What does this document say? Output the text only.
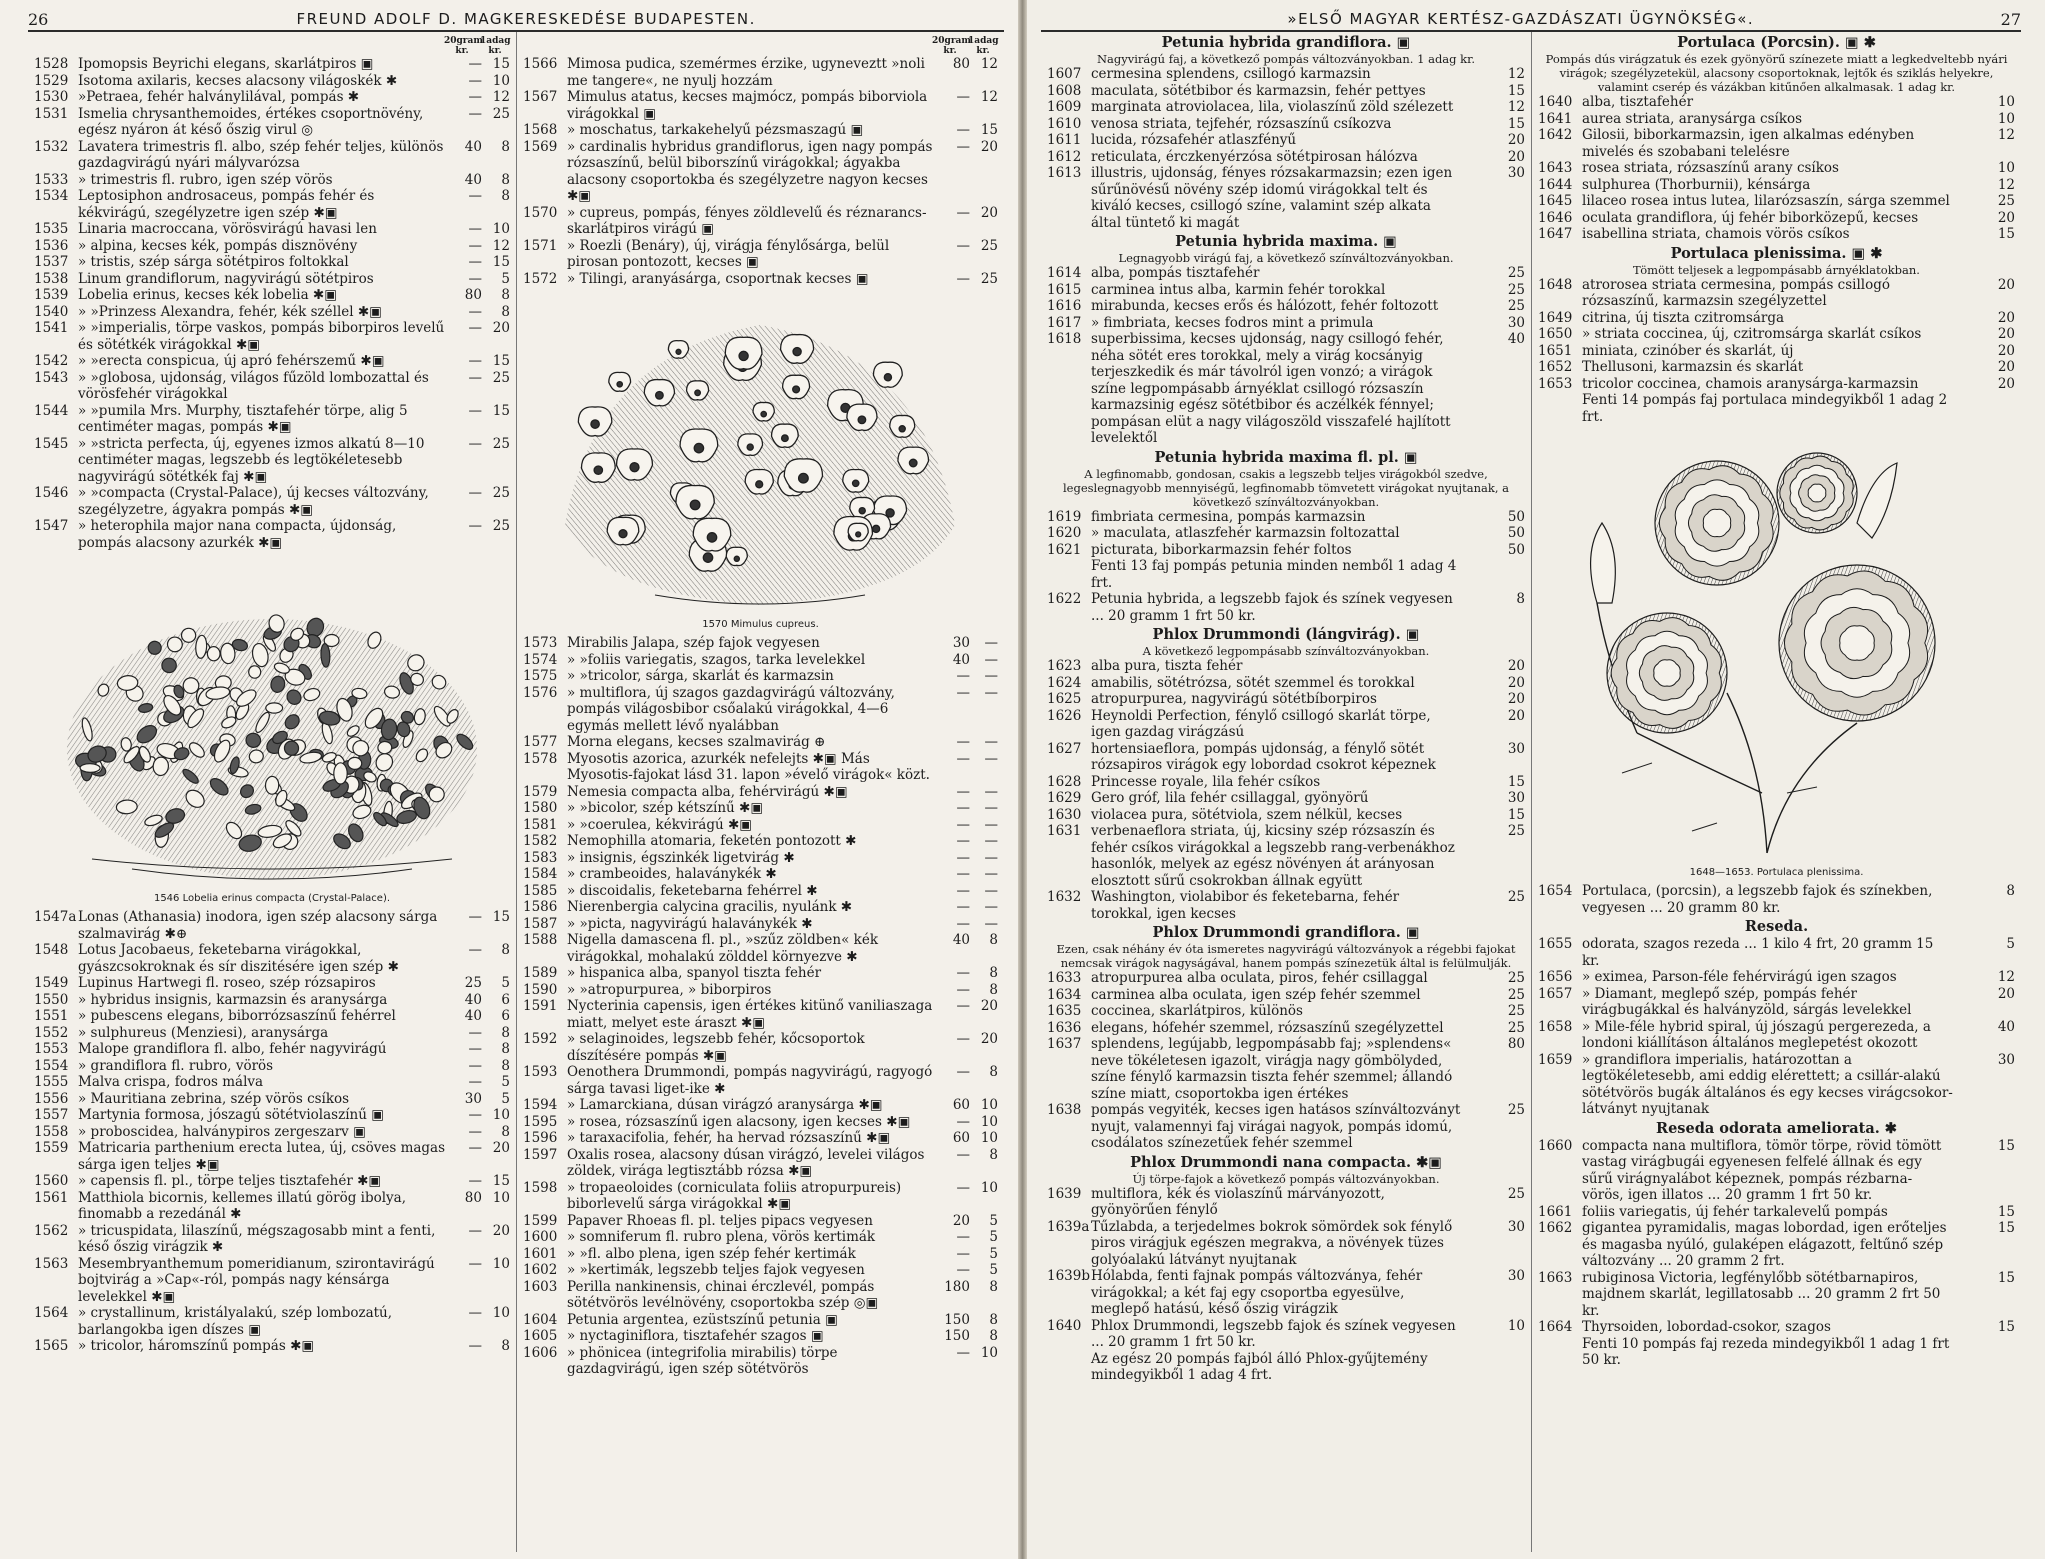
26	FREUND ADOLF D. MAGKERESKEDÉSE BUDAPESTEN.
20gram kr.
1adag kr.
1528 Ipomopsis Beyrichi elegans, skarlátpiros ▣	— 15
1529 Isotoma axilaris, kecses alacsony világoskék ✱	— 10
1530 »Petraea, fehér halványlilával, pompás ✱	— 12
1531 Ismelia chrysanthemoides, értékes csoportnövény, egész nyáron át késő őszig virul ◎
— 25
1532 Lavatera trimestris fl. albo, szép fehér teljes, különös gazdagvirágú nyári mályvarózsa
40	8
1533 » trimestris fl. rubro, igen szép vörös	40	8
1534 Leptosiphon androsaceus, pompás fehér és kékvirágú, szegélyzetre igen szép ✱▣
—	8
1535 Linaria macroccana, vörösvirágú havasi len	— 10
1536 » alpina, kecses kék, pompás disznövény	— 12
1537 » tristis, szép sárga sötétpiros foltokkal	— 15
1538 Linum grandiflorum, nagyvirágú sötétpiros	—	5
1539 Lobelia erinus, kecses kék lobelia ✱▣	80	8
1540 » »Prinzess Alexandra, fehér, kék széllel ✱▣	—	8
1541 » »imperialis, törpe vaskos, pompás biborpiros levelű és sötétkék virágokkal ✱▣
— 20
1542 » »erecta conspicua, új apró fehérszemű ✱▣	— 15
1543 » »globosa, ujdonság, világos fűzöld lombozattal és vörösfehér virágokkal
— 25
1544 » »pumila Mrs. Murphy, tisztafehér törpe, alig 5 centiméter magas, pompás ✱▣
— 15
1545 » »stricta perfecta, új, egyenes izmos alkatú 8—10 centiméter magas, legszebb és legtökéletesebb nagyvirágú sötétkék faj ✱▣
— 25
1546 » »compacta (Crystal-Palace), új kecses változvány, szegélyzetre, ágyakra pompás ✱▣
— 25
1547 » heterophila major nana compacta, újdonság, pompás alacsony azurkék ✱▣
— 25
1546 Lobelia erinus compacta (Crystal-Palace).
1547a Lonas (Athanasia) inodora, igen szép alacsony sárga szalmavirág ✱⊕
— 15
1548 Lotus Jacobaeus, feketebarna virágokkal, gyászcsokroknak és sír diszitésére igen szép ✱
—	8
1549 Lupinus Hartwegi fl. roseo, szép rózsapiros	25	5
1550 » hybridus insignis, karmazsin és aranysárga	40	6
1551 » pubescens elegans, biborrózsaszínű fehérrel	40	6
1552 » sulphureus (Menziesi), aranysárga	—	8
1553 Malope grandiflora fl. albo, fehér nagyvirágú	—	8
1554 » grandiflora fl. rubro, vörös	—	8
1555 Malva crispa, fodros málva	—	5
1556 » Mauritiana zebrina, szép vörös csíkos	30	5
1557 Martynia formosa, jószagú sötétviolaszínű ▣	— 10
1558 » proboscidea, halványpiros zergeszarv ▣	—	8
1559 Matricaria parthenium erecta lutea, új, csöves magas sárga igen teljes ✱▣
— 20
1560 » capensis fl. pl., törpe teljes tisztafehér ✱▣	— 15
1561 Matthiola bicornis, kellemes illatú görög ibolya, finomabb a rezedánál ✱
80 10
1562 » tricuspidata, lilaszínű, mégszagosabb mint a fenti, késő őszig virágzik ✱
— 20
1563 Mesembryanthemum pomeridianum, szirontavirágú bojtvirág a »Cap«-ról, pompás nagy kénsárga levelekkel ✱▣
— 10
1564 » crystallinum, kristályalakú, szép lombozatú, barlangokba igen díszes ▣
— 10
1565 » tricolor, háromszínű pompás ✱▣	—	8
20gram kr.
1adag kr.
1566 Mimosa pudica, szemérmes érzike, ugyneveztt »noli me tangere«, ne nyulj hozzám
80 12
1567 Mimulus atatus, kecses majmócz, pompás biborviola virágokkal ▣
— 12
1568 » moschatus, tarkakehelyű pézsmaszagú ▣	— 15
1569 » cardinalis hybridus grandiflorus, igen nagy pompás rózsaszínű, belül biborszínű virágokkal; ágyakba alacsony csoportokba és szegélyzetre nagyon kecses ✱▣
— 20
1570 » cupreus, pompás, fényes zöldlevelű és réznarancs-skarlátpiros virágú ▣
— 20
1571 » Roezli (Benáry), új, virágja fénylősárga, belül pirosan pontozott, kecses ▣
— 25
1572 » Tilingi, aranyásárga, csoportnak kecses ▣	— 25
1570 Mimulus cupreus.
1573 Mirabilis Jalapa, szép fajok vegyesen	30	—
1574 » »foliis variegatis, szagos, tarka levelekkel	40	—
1575 » »tricolor, sárga, skarlát és karmazsin	—	—
1576 » multiflora, új szagos gazdagvirágú változvány, pompás világosbibor csőalakú virágokkal, 4—6 egymás mellett lévő nyalábban
—	—
1577 Morna elegans, kecses szalmavirág ⊕	—	—
1578 Myosotis azorica, azurkék nefelejts ✱▣ Más Myosotis-fajokat lásd 31. lapon »évelő virágok« közt.
—	—
1579 Nemesia compacta alba, fehérvirágú ✱▣	—	—
1580 » »bicolor, szép kétszínű ✱▣	—	—
1581 » »coerulea, kékvirágú ✱▣	—	—
1582 Nemophilla atomaria, feketén pontozott ✱	—	—
1583 » insignis, égszinkék ligetvirág ✱	—	—
1584 » crambeoides, halaványkék ✱	—	—
1585 » discoidalis, feketebarna fehérrel ✱	—	—
1586 Nierenbergia calycina gracilis, nyulánk ✱	—	—
1587 » »picta, nagyvirágú halaványkék ✱	—	—
1588 Nigella damascena fl. pl., »szűz zöldben« kék virágokkal, mohalakú zölddel környezve ✱
40	8
1589 » hispanica alba, spanyol tiszta fehér	—	8
1590 » »atropurpurea, » biborpiros	—	8
1591 Nycterinia capensis, igen értékes kitünő vaniliaszaga miatt, melyet este áraszt ✱▣
— 20
1592 » selaginoides, legszebb fehér, kőcsoportok díszítésére pompás ✱▣
— 20
1593 Oenothera Drummondi, pompás nagyvirágú, ragyogó sárga tavasi liget-ike ✱
—	8
1594 » Lamarckiana, dúsan virágzó aranysárga ✱▣	60 10
1595 » rosea, rózsaszínű igen alacsony, igen kecses ✱▣	— 10
1596 » taraxacifolia, fehér, ha hervad rózsaszínű ✱▣	60 10
1597 Oxalis rosea, alacsony dúsan virágzó, levelei világos zöldek, virága legtisztább rózsa ✱▣
—	8
1598 » tropaeoloides (corniculata foliis atropurpureis) biborlevelű sárga virágokkal ✱▣
— 10
1599 Papaver Rhoeas fl. pl. teljes pipacs vegyesen	20	5
1600 » somniferum fl. rubro plena, vörös kertimák	—	5
1601 » »fl. albo plena, igen szép fehér kertimák	—	5
1602 » »kertimák, legszebb teljes fajok vegyesen	—	5
1603 Perilla nankinensis, chinai érczlevél, pompás sötétvörös levélnövény, csoportokba szép ◎▣
180	8
1604 Petunia argentea, ezüstszínű petunia ▣	150	8
1605 » nyctaginiflora, tisztafehér szagos ▣	150	8
1606 » phönicea (integrifolia mirabilis) törpe gazdagvirágú, igen szép sötétvörös
— 10
»ELSŐ MAGYAR KERTÉSZ-GAZDÁSZATI ÜGYNÖKSÉG«.	27
Petunia hybrida grandiflora. ▣
Nagyvirágú faj, a következő pompás változványokban. 1 adag kr.
1607 cermesina splendens, csillogó karmazsin	12
1608 maculata, sötétbibor és karmazsin, fehér pettyes	15
1609 marginata atroviolacea, lila, violaszínű zöld szélezett	12
1610 venosa striata, tejfehér, rózsaszínű csíkozva	15
1611 lucida, rózsafehér atlaszfényű	20
1612 reticulata, érczkenyérzósa sötétpirosan hálózva	20
1613 illustris, ujdonság, fényes rózsakarmazsin; ezen igen sűrűnövésű növény szép idomú virágokkal telt és kiváló kecses, csillogó színe, valamint szép alkata által tüntető ki magát
30
Petunia hybrida maxima. ▣
Legnagyobb virágú faj, a következő színváltozványokban.
1614 alba, pompás tisztafehér	25
1615 carminea intus alba, karmin fehér torokkal	25
1616 mirabunda, kecses erős és hálózott, fehér foltozott	25
1617 » fimbriata, kecses fodros mint a primula	30
1618 superbissima, kecses ujdonság, nagy csillogó fehér, néha sötét eres torokkal, mely a virág kocsányig terjeszkedik és már távolról igen vonzó; a virágok színe legpompásabb árnyéklat csillogó rózsaszín karmazsinig egész sötétbibor és aczélkék fénnyel; pompásan elüt a nagy világoszöld visszafelé hajlított levelektől
40
Petunia hybrida maxima fl. pl. ▣
A legfinomabb, gondosan, csakis a legszebb teljes virágokból szedve, legeslegnagyobb mennyiségű, legfinomabb tömvetett virágokat nyujtanak, a következő színváltozványokban.
1619 fimbriata cermesina, pompás karmazsin	50
1620 » maculata, atlaszfehér karmazsin foltozattal	50
1621 picturata, biborkarmazsin fehér foltos	50
Fenti 13 faj pompás petunia minden nemből 1 adag 4 frt.
1622 Petunia hybrida, a legszebb fajok és színek vegyesen ... 20 gramm 1 frt 50 kr.
8
Phlox Drummondi (lángvirág). ▣
A következő legpompásabb színváltozványokban.
1623 alba pura, tiszta fehér	20
1624 amabilis, sötétrózsa, sötét szemmel és torokkal	20
1625 atropurpurea, nagyvirágú sötétbíborpiros	20
1626 Heynoldi Perfection, fénylő csillogó skarlát törpe, igen gazdag virágzású
20
1627 hortensiaeflora, pompás ujdonság, a fénylő sötét rózsapiros virágok egy lobordad csokrot képeznek
30
1628 Princesse royale, lila fehér csíkos	15
1629 Gero gróf, lila fehér csillaggal, gyönyörű	30
1630 violacea pura, sötétviola, szem nélkül, kecses	15
1631 verbenaeflora striata, új, kicsiny szép rózsaszín és fehér csíkos virágokkal a legszebb rang-verbenákhoz hasonlók, melyek az egész növényen át arányosan elosztott sűrű csokrokban állnak együtt
25
1632 Washington, violabibor és feketebarna, fehér torokkal, igen kecses
25
Phlox Drummondi grandiflora. ▣
Ezen, csak néhány év óta ismeretes nagyvirágú változványok a régebbi fajokat nemcsak virágok nagyságával, hanem pompás színezetük által is felülmulják.
1633 atropurpurea alba oculata, piros, fehér csillaggal	25
1634 carminea alba oculata, igen szép fehér szemmel	25
1635 coccinea, skarlátpiros, különös	25
1636 elegans, hófehér szemmel, rózsaszínű szegélyzettel	25
1637 splendens, legújabb, legpompásabb faj; »splendens« neve tökéletesen igazolt, virágja nagy gömbölyded, színe fénylő karmazsin tiszta fehér szemmel; állandó színe miatt, csoportokba igen értékes
80
1638 pompás vegyiték, kecses igen hatásos színváltozványt nyujt, valamennyi faj virágai nagyok, pompás idomú, csodálatos színezetűek fehér szemmel
25
Phlox Drummondi nana compacta. ✱▣
Új törpe-fajok a következő pompás változványokban.
1639 multiflora, kék és violaszínű márványozott, gyönyörűen fénylő
25
1639a Tűzlabda, a terjedelmes bokrok sömördek sok fénylő piros virágjuk egészen megrakva, a növények tüzes golyóalakú látványt nyujtanak
30
1639b Hólabda, fenti fajnak pompás változványa, fehér virágokkal; a két faj egy csoportba egyesülve, meglepő hatású, késő őszig virágzik
30
1640 Phlox Drummondi, legszebb fajok és színek vegyesen ... 20 gramm 1 frt 50 kr.
10
Az egész 20 pompás fajból álló Phlox-gyűjtemény mindegyikből 1 adag 4 frt.
Portulaca (Porcsin). ▣ ✱
Pompás dús virágzatuk és ezek gyönyörű színezete miatt a legkedveltebb nyári virágok; szegélyzetekül, alacsony csoportoknak, lejtők és sziklás helyekre, valamint cserép és vázákban kitűnően alkalmasak. 1 adag kr.
1640 alba, tisztafehér	10
1641 aurea striata, aranysárga csíkos	10
1642 Gilosii, biborkarmazsin, igen alkalmas edényben mivelés és szobabani telelésre
12
1643 rosea striata, rózsaszínű arany csíkos	10
1644 sulphurea (Thorburnii), kénsárga	12
1645 lilaceo rosea intus lutea, lilarózsaszín, sárga szemmel	25
1646 oculata grandiflora, új fehér biborközepű, kecses	20
1647 isabellina striata, chamois vörös csíkos	15
Portulaca plenissima. ▣ ✱
Tömött teljesek a legpompásabb árnyéklatokban.
1648 atrorosea striata cermesina, pompás csillogó rózsaszínű, karmazsin szegélyzettel
20
1649 citrina, új tiszta czitromsárga	20
1650 » striata coccinea, új, czitromsárga skarlát csíkos	20
1651 miniata, czinóber és skarlát, új	20
1652 Thellusoni, karmazsin és skarlát	20
1653 tricolor coccinea, chamois aranysárga-karmazsin	20
Fenti 14 pompás faj portulaca mindegyikből 1 adag 2 frt.
1648—1653. Portulaca plenissima.
1654 Portulaca, (porcsin), a legszebb fajok és színekben, vegyesen ... 20 gramm 80 kr.
8
Reseda.
1655 odorata, szagos rezeda ... 1 kilo 4 frt, 20 gramm 15 kr.
5
1656 » eximea, Parson-féle fehérvirágú igen szagos	12
1657 » Diamant, meglepő szép, pompás fehér virágbugákkal és halványzöld, sárgás levelekkel
20
1658 » Mile-féle hybrid spiral, új jószagú pergerezeda, a londoni kiállításon általános meglepetést okozott
40
1659 » grandiflora imperialis, határozottan a legtökéletesebb, ami eddig elérettett; a csillár-alakú sötétvörös bugák általános és egy kecses virágcsokor-látványt nyujtanak
30
Reseda odorata ameliorata. ✱
1660 compacta nana multiflora, tömör törpe, rövid tömött vastag virágbugái egyenesen felfelé állnak és egy sűrű virágnyalábot képeznek, pompás rézbarna-vörös, igen illatos ... 20 gramm 1 frt 50 kr.
15
1661 foliis variegatis, új fehér tarkalevelű pompás	15
1662 gigantea pyramidalis, magas lobordad, igen erőteljes és magasba nyúló, gulaképen elágazott, feltűnő szép változvány ... 20 gramm 2 frt.
15
1663 rubiginosa Victoria, legfénylőbb sötétbarnapiros, majdnem skarlát, legillatosabb ... 20 gramm 2 frt 50 kr.
15
1664 Thyrsoiden, lobordad-csokor, szagos	15
Fenti 10 pompás faj rezeda mindegyikből 1 adag 1 frt 50 kr.
